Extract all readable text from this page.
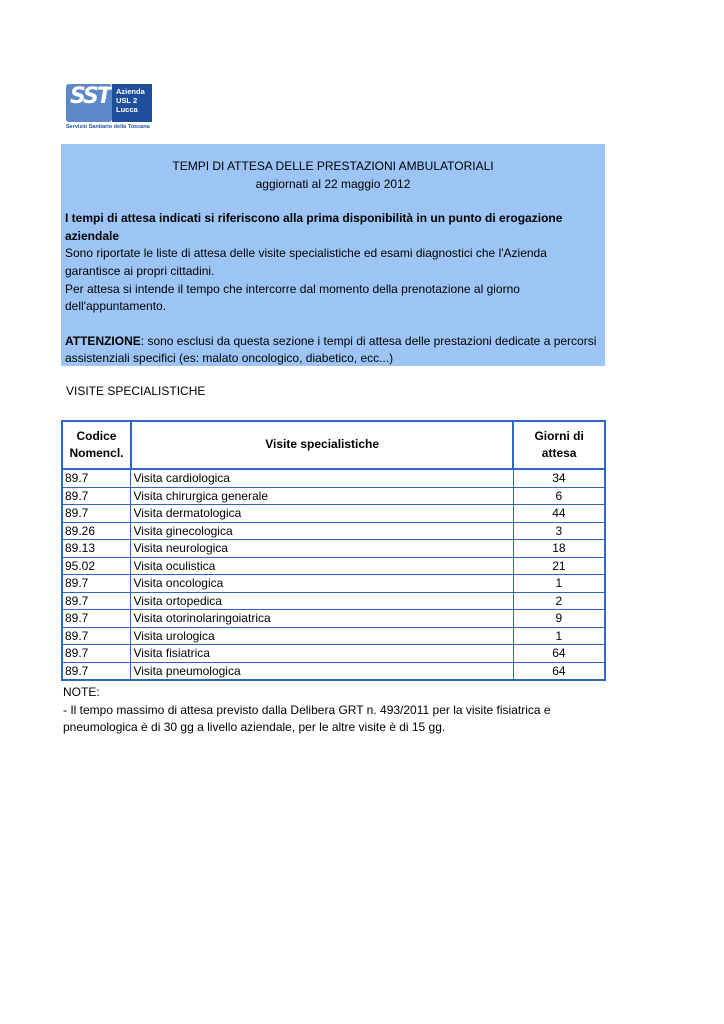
SST Azienda
USL 2
Lucca
Servizio Sanitario della Toscana

TEMPI DI ATTESA DELLE PRESTAZIONI AMBULATORIALI

aggiornati al 22 maggio 2012

I tempi di attesa indicati si riferiscono alla prima disponibilità in un punto di erogazione aziendale

Sono riportate le liste di attesa delle visite specialistiche ed esami diagnostici che l'Azienda garantisce ai propri cittadini.

Per attesa si intende il tempo che intercorre dal momento della prenotazione al giorno dell'appuntamento.

ATTENZIONE: sono esclusi da questa sezione i tempi di attesa delle prestazioni dedicate a percorsi assistenziali specifici (es: malato oncologico, diabetico, ecc...)

VISITE SPECIALISTICHE
Codice Nomencl.	Visite specialistiche	Giorni di attesa
89.7	Visita cardiologica	34
89.7	Visita chirurgica generale	6
89.7	Visita dermatologica	44
89.26	Visita ginecologica	3
89.13	Visita neurologica	18
95.02	Visita oculistica	21
89.7	Visita oncologica	1
89.7	Visita ortopedica	2
89.7	Visita otorinolaringoiatrica	9
89.7	Visita urologica	1
89.7	Visita fisiatrica	64
89.7	Visita pneumologica	64

NOTE:

- Il tempo massimo di attesa previsto dalla Delibera GRT n. 493/2011 per la visite fisiatrica e pneumologica è di 30 gg a livello aziendale, per le altre visite è di 15 gg.
